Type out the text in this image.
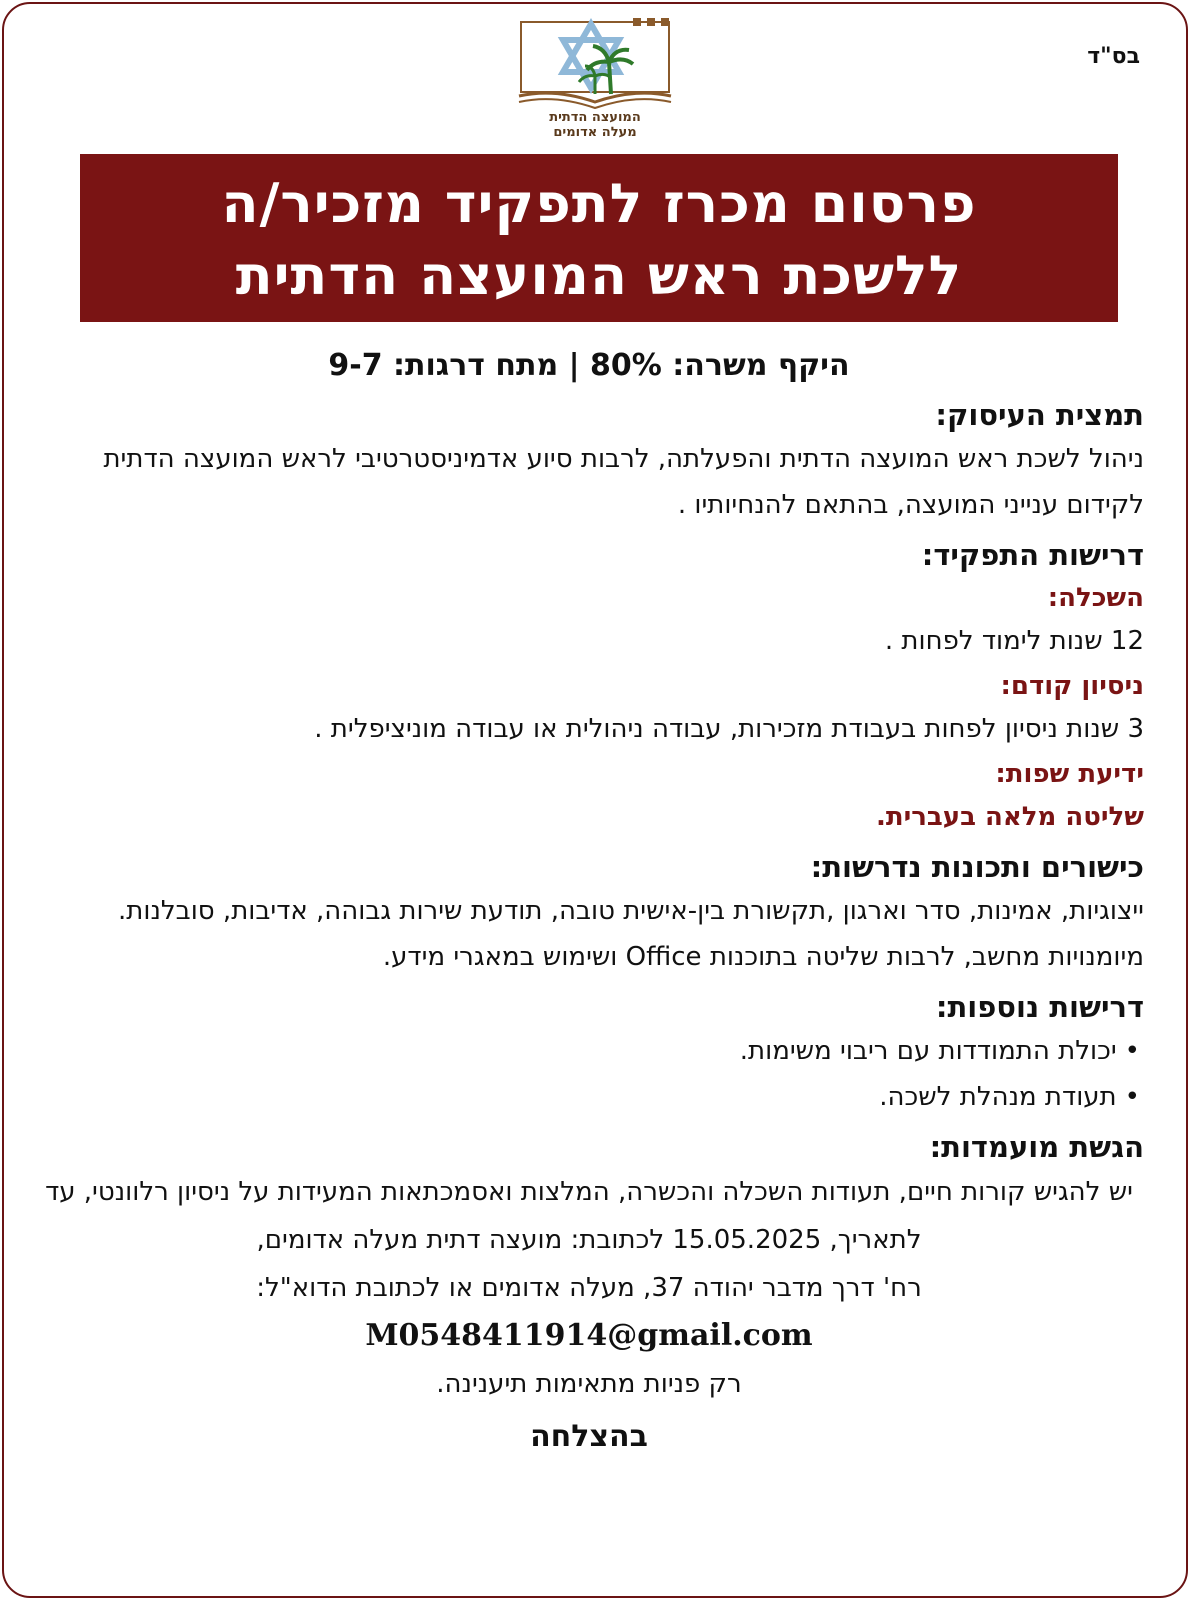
בס"ד
המועצה הדתית
מעלה אדומים
פרסום מכרז לתפקיד מזכיר/ה
ללשכת ראש המועצה הדתית
היקף משרה: 80% | מתח דרגות: 9-7
תמצית העיסוק:
ניהול לשכת ראש המועצה הדתית והפעלתה, לרבות סיוע אדמיניסטרטיבי לראש המועצה הדתית לקידום ענייני המועצה, בהתאם להנחיותיו .
דרישות התפקיד:
השכלה:
12 שנות לימוד לפחות .
ניסיון קודם:
3 שנות ניסיון לפחות בעבודת מזכירות, עבודה ניהולית או עבודה מוניציפלית .
ידיעת שפות:
שליטה מלאה בעברית.
כישורים ותכונות נדרשות:
ייצוגיות, אמינות, סדר וארגון ,תקשורת בין-אישית טובה, תודעת שירות גבוהה, אדיבות, סובלנות.
מיומנויות מחשב, לרבות שליטה בתוכנות Office ושימוש במאגרי מידע.
דרישות נוספות:
• יכולת התמודדות עם ריבוי משימות.
• תעודת מנהלת לשכה.
הגשת מועמדות:
יש להגיש קורות חיים, תעודות השכלה והכשרה, המלצות ואסמכתאות המעידות על ניסיון רלוונטי, עד לתאריך, 15.05.2025 לכתובת: מועצה דתית מעלה אדומים,
רח' דרך מדבר יהודה 37, מעלה אדומים או לכתובת הדוא"ל:
M0548411914@gmail.com
רק פניות מתאימות תיענינה.
בהצלחה
